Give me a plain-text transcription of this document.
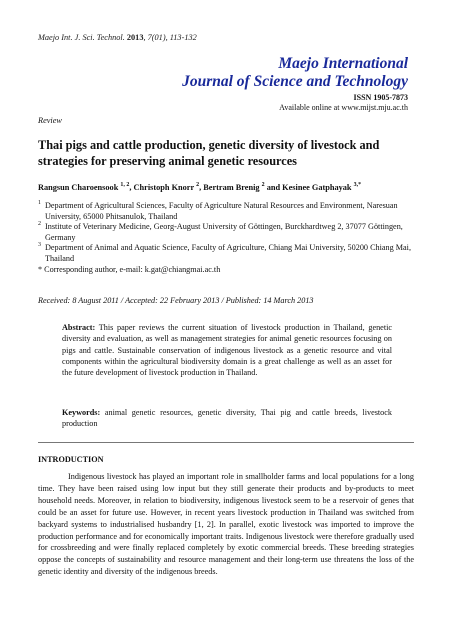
Maejo Int. J. Sci. Technol. 2013, 7(01), 113-132
Maejo International
Journal of Science and Technology
ISSN 1905-7873
Available online at www.mijst.mju.ac.th
Review
Thai pigs and cattle production, genetic diversity of livestock and strategies for preserving animal genetic resources
Rangsun Charoensook $^{1, 2}$, Christoph Knorr $^2$, Bertram Brenig $^2$ and Kesinee Gatphayak $^{3,*}$
1 Department of Agricultural Sciences, Faculty of Agriculture Natural Resources and Environment, Naresuan University, 65000 Phitsanulok, Thailand
2 Institute of Veterinary Medicine, Georg-August University of Göttingen, Burckhardtweg 2, 37077 Göttingen, Germany
3 Department of Animal and Aquatic Science, Faculty of Agriculture, Chiang Mai University, 50200 Chiang Mai, Thailand
* Corresponding author, e-mail: k.gat@chiangmai.ac.th
Received: 8 August 2011 / Accepted: 22 February 2013 / Published: 14 March 2013
Abstract: This paper reviews the current situation of livestock production in Thailand, genetic diversity and evaluation, as well as management strategies for animal genetic resources focusing on pigs and cattle. Sustainable conservation of indigenous livestock as a genetic resource and vital components within the agricultural biodiversity domain is a great challenge as well as an asset for the future development of livestock production in Thailand.
Keywords: animal genetic resources, genetic diversity, Thai pig and cattle breeds, livestock production
INTRODUCTION
Indigenous livestock has played an important role in smallholder farms and local populations for a long time. They have been raised using low input but they still generate their products and by-products to meet household needs. Moreover, in relation to biodiversity, indigenous livestock seem to be a reservoir of genes that could be an asset for future use. However, in recent years livestock production in Thailand was switched from backyard systems to industrialised husbandry [1, 2]. In parallel, exotic livestock was imported to improve the production performance and for economically important traits. Indigenous livestock were therefore gradually used for crossbreeding and were finally replaced completely by exotic commercial breeds. These breeding strategies oppose the concepts of sustainability and resource management and their long-term use threatens the loss of the genetic identity and diversity of the indigenous breeds.
